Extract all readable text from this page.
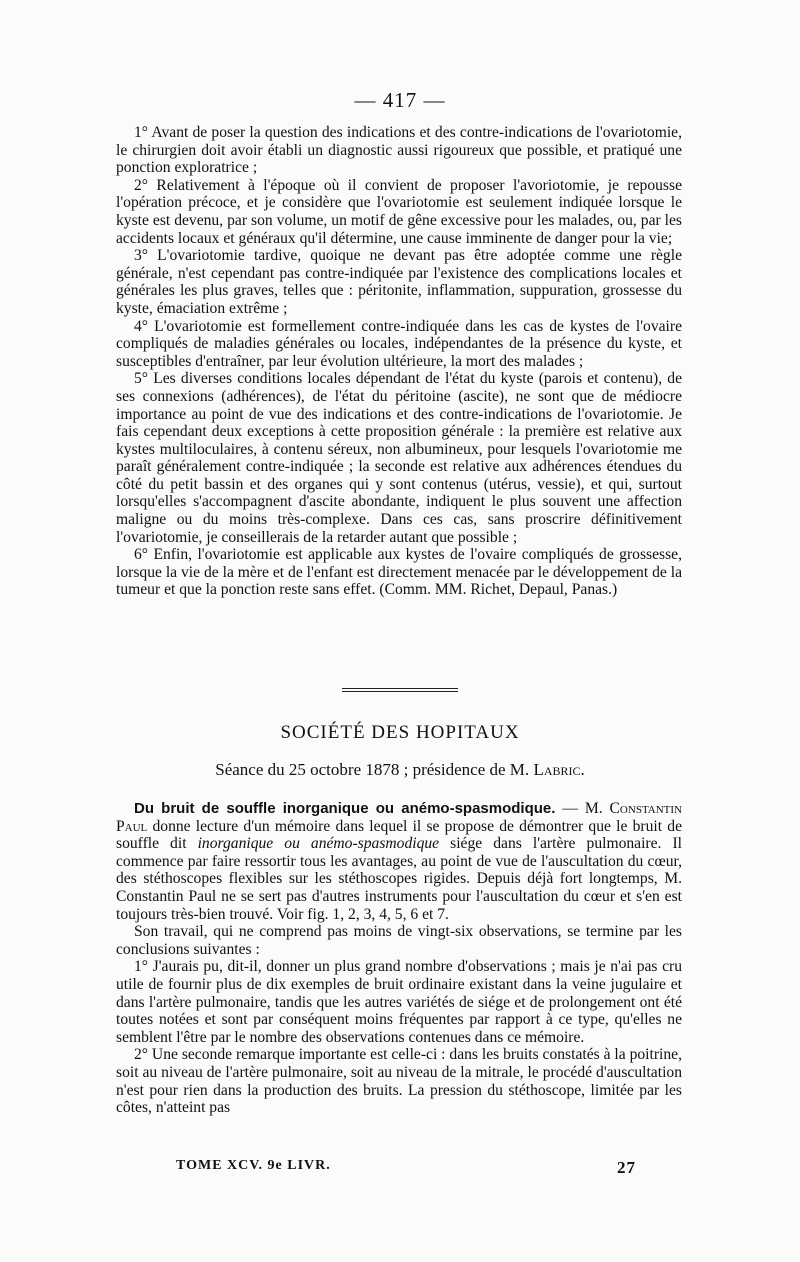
— 417 —

1° Avant de poser la question des indications et des contre-indications de l'ovariotomie, le chirurgien doit avoir établi un diagnostic aussi rigoureux que possible, et pratiqué une ponction exploratrice ;

2° Relativement à l'époque où il convient de proposer l'avoriotomie, je repousse l'opération précoce, et je considère que l'ovariotomie est seulement indiquée lorsque le kyste est devenu, par son volume, un motif de gêne excessive pour les malades, ou, par les accidents locaux et généraux qu'il détermine, une cause imminente de danger pour la vie;

3° L'ovariotomie tardive, quoique ne devant pas être adoptée comme une règle générale, n'est cependant pas contre-indiquée par l'existence des complications locales et générales les plus graves, telles que : péritonite, inflammation, suppuration, grossesse du kyste, émaciation extrême ;

4° L'ovariotomie est formellement contre-indiquée dans les cas de kystes de l'ovaire compliqués de maladies générales ou locales, indépendantes de la présence du kyste, et susceptibles d'entraîner, par leur évolution ultérieure, la mort des malades ;

5° Les diverses conditions locales dépendant de l'état du kyste (parois et contenu), de ses connexions (adhérences), de l'état du péritoine (ascite), ne sont que de médiocre importance au point de vue des indications et des contre-indications de l'ovariotomie. Je fais cependant deux exceptions à cette proposition générale : la première est relative aux kystes multiloculaires, à contenu séreux, non albumineux, pour lesquels l'ovariotomie me paraît généralement contre-indiquée ; la seconde est relative aux adhérences étendues du côté du petit bassin et des organes qui y sont contenus (utérus, vessie), et qui, surtout lorsqu'elles s'accompagnent d'ascite abondante, indiquent le plus souvent une affection maligne ou du moins très-complexe. Dans ces cas, sans proscrire définitivement l'ovariotomie, je conseillerais de la retarder autant que possible ;

6° Enfin, l'ovariotomie est applicable aux kystes de l'ovaire compliqués de grossesse, lorsque la vie de la mère et de l'enfant est directement menacée par le développement de la tumeur et que la ponction reste sans effet. (Comm. MM. Richet, Depaul, Panas.)

SOCIÉTÉ DES HOPITAUX
Séance du 25 octobre 1878 ; présidence de M. Labric.

Du bruit de souffle inorganique ou anémo-spasmodique. — M. Constantin Paul donne lecture d'un mémoire dans lequel il se propose de démontrer que le bruit de souffle dit inorganique ou anémo-spasmodique siége dans l'artère pulmonaire. Il commence par faire ressortir tous les avantages, au point de vue de l'auscultation du cœur, des stéthoscopes flexibles sur les stéthoscopes rigides. Depuis déjà fort longtemps, M. Constantin Paul ne se sert pas d'autres instruments pour l'auscultation du cœur et s'en est toujours très-bien trouvé. Voir fig. 1, 2, 3, 4, 5, 6 et 7.

Son travail, qui ne comprend pas moins de vingt-six observations, se termine par les conclusions suivantes :

1° J'aurais pu, dit-il, donner un plus grand nombre d'observations ; mais je n'ai pas cru utile de fournir plus de dix exemples de bruit ordinaire existant dans la veine jugulaire et dans l'artère pulmonaire, tandis que les autres variétés de siége et de prolongement ont été toutes notées et sont par conséquent moins fréquentes par rapport à ce type, qu'elles ne semblent l'être par le nombre des observations contenues dans ce mémoire.

2° Une seconde remarque importante est celle-ci : dans les bruits constatés à la poitrine, soit au niveau de l'artère pulmonaire, soit au niveau de la mitrale, le procédé d'auscultation n'est pour rien dans la production des bruits. La pression du stéthoscope, limitée par les côtes, n'atteint pas

TOME XCV. 9e LIVR.	27
